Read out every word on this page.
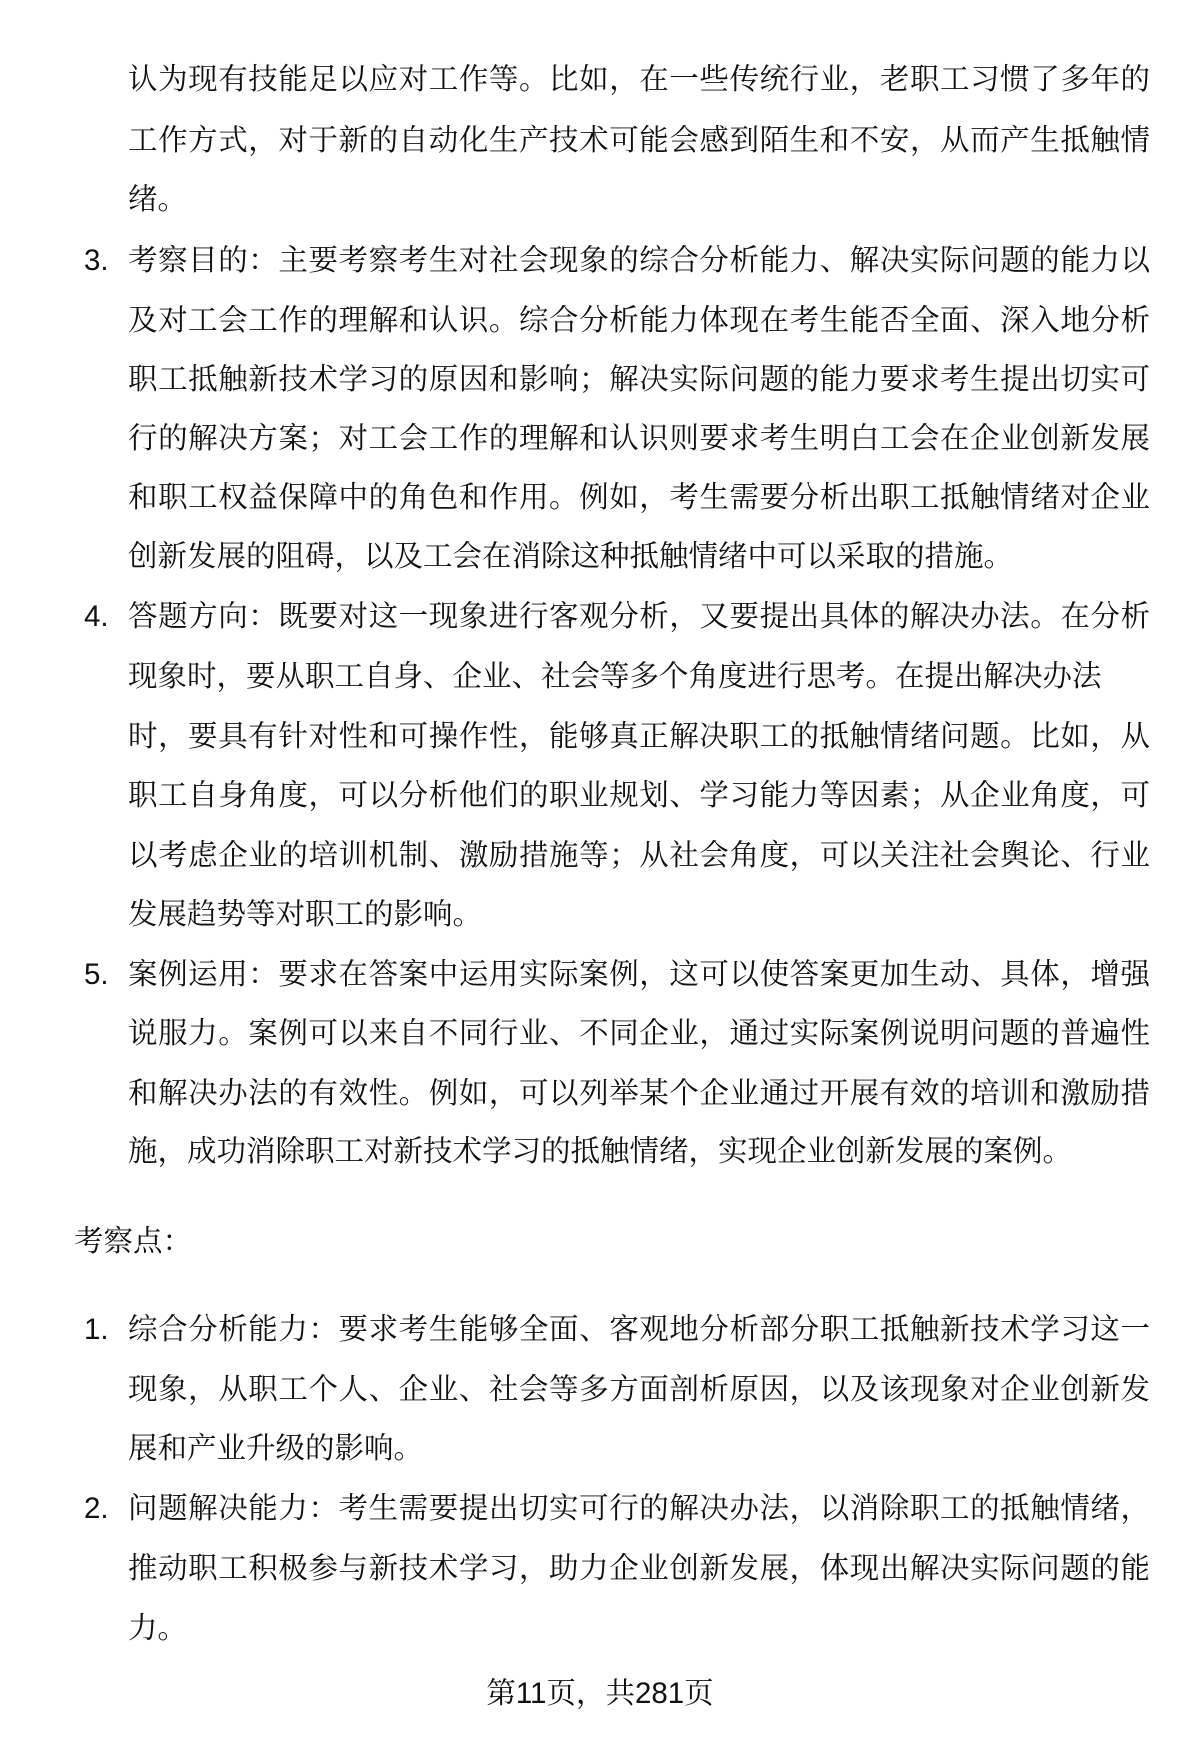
认为现有技能足以应对工作等。比如，在一些传统行业，老职工习惯了多年的
工作方式，对于新的自动化生产技术可能会感到陌生和不安，从而产生抵触情
绪。
3. 考察目的：主要考察考生对社会现象的综合分析能力、解决实际问题的能力以
及对工会工作的理解和认识。综合分析能力体现在考生能否全面、深入地分析
职工抵触新技术学习的原因和影响；解决实际问题的能力要求考生提出切实可
行的解决方案；对工会工作的理解和认识则要求考生明白工会在企业创新发展
和职工权益保障中的角色和作用。例如，考生需要分析出职工抵触情绪对企业
创新发展的阻碍，以及工会在消除这种抵触情绪中可以采取的措施。
4. 答题方向：既要对这一现象进行客观分析，又要提出具体的解决办法。在分析
现象时，要从职工自身、企业、社会等多个角度进行思考。在提出解决办法
时，要具有针对性和可操作性，能够真正解决职工的抵触情绪问题。比如，从
职工自身角度，可以分析他们的职业规划、学习能力等因素；从企业角度，可
以考虑企业的培训机制、激励措施等；从社会角度，可以关注社会舆论、行业
发展趋势等对职工的影响。
5. 案例运用：要求在答案中运用实际案例，这可以使答案更加生动、具体，增强
说服力。案例可以来自不同行业、不同企业，通过实际案例说明问题的普遍性
和解决办法的有效性。例如，可以列举某个企业通过开展有效的培训和激励措
施，成功消除职工对新技术学习的抵触情绪，实现企业创新发展的案例。
考察点：
1. 综合分析能力：要求考生能够全面、客观地分析部分职工抵触新技术学习这一
现象，从职工个人、企业、社会等多方面剖析原因，以及该现象对企业创新发
展和产业升级的影响。
2. 问题解决能力：考生需要提出切实可行的解决办法，以消除职工的抵触情绪，
推动职工积极参与新技术学习，助力企业创新发展，体现出解决实际问题的能
力。
第11页，共281页
